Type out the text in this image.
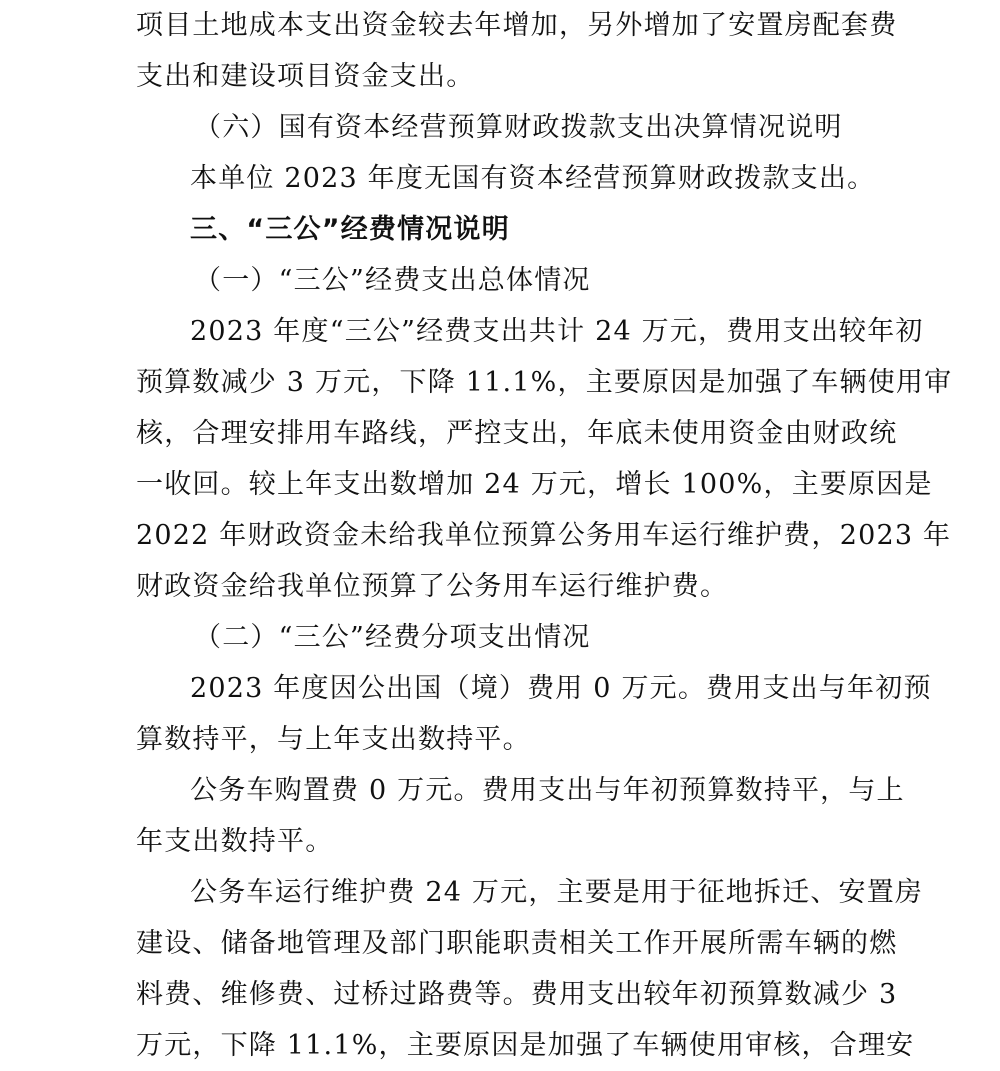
项目土地成本支出资金较去年增加，另外增加了安置房配套费
支出和建设项目资金支出。
（六）国有资本经营预算财政拨款支出决算情况说明
本单位 2023 年度无国有资本经营预算财政拨款支出。
三、“三公”经费情况说明
（一）“三公”经费支出总体情况
2023 年度“三公”经费支出共计 24 万元，费用支出较年初
预算数减少 3 万元，下降 11.1%，主要原因是加强了车辆使用审
核，合理安排用车路线，严控支出，年底未使用资金由财政统
一收回。较上年支出数增加 24 万元，增长 100%，主要原因是
2022 年财政资金未给我单位预算公务用车运行维护费，2023 年
财政资金给我单位预算了公务用车运行维护费。
（二）“三公”经费分项支出情况
2023 年度因公出国（境）费用 0 万元。费用支出与年初预
算数持平，与上年支出数持平。
公务车购置费 0 万元。费用支出与年初预算数持平，与上
年支出数持平。
公务车运行维护费 24 万元，主要是用于征地拆迁、安置房
建设、储备地管理及部门职能职责相关工作开展所需车辆的燃
料费、维修费、过桥过路费等。费用支出较年初预算数减少 3
万元，下降 11.1%，主要原因是加强了车辆使用审核，合理安
